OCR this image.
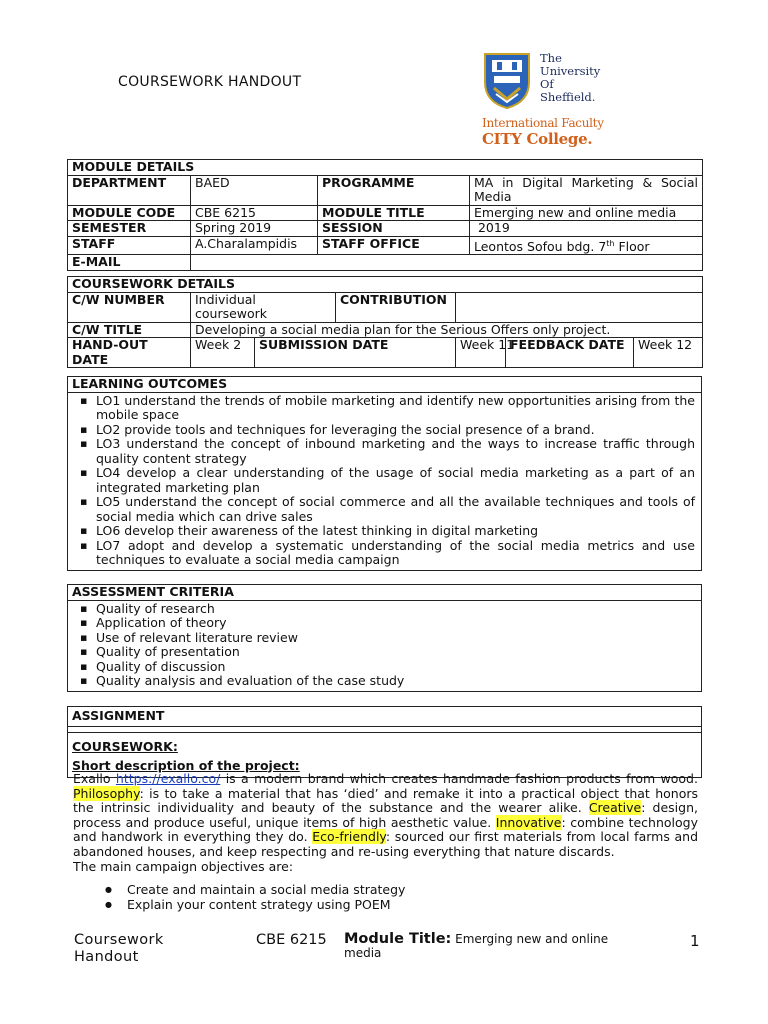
COURSEWORK HANDOUT
The
University
Of
Sheffield.
International Faculty
CITY College.
MODULE DETAILS			
DEPARTMENT	BAED	PROGRAMME	MA in Digital Marketing & Social Media
MODULE CODE	CBE 6215	MODULE TITLE	Emerging new and online media
SEMESTER	Spring 2019	SESSION	2019
STAFF	A.Charalampidis	STAFF OFFICE	Leontos Sofou bdg. 7th Floor
E-MAIL			
COURSEWORK DETAILS						
C/W NUMBER	Individual coursework		CONTRIBUTION			
C/W TITLE	Developing a social media plan for the Serious Offers only project.					
HAND-OUT DATE	Week 2	SUBMISSION DATE		Week 11	FEEDBACK DATE	Week 12
LEARNING OUTCOMES

▪ LO1 understand the trends of mobile marketing and identify new opportunities arising from the mobile space
▪ LO2 provide tools and techniques for leveraging the social presence of a brand.
▪ LO3 understand the concept of inbound marketing and the ways to increase traffic through quality content strategy
▪ LO4 develop a clear understanding of the usage of social media marketing as a part of an integrated marketing plan
▪ LO5 understand the concept of social commerce and all the available techniques and tools of social media which can drive sales
▪ LO6 develop their awareness of the latest thinking in digital marketing
▪ LO7 adopt and develop a systematic understanding of the social media metrics and use techniques to evaluate a social media campaign
ASSESSMENT CRITERIA

▪ Quality of research
▪ Application of theory
▪ Use of relevant literature review
▪ Quality of presentation
▪ Quality of discussion
▪ Quality analysis and evaluation of the case study
ASSIGNMENT

COURSEWORK:
Short description of the project:

Exallo https://exallo.co/ is a modern brand which creates handmade fashion products from wood. Philosophy: is to take a material that has ‘died’ and remake it into a practical object that honors the intrinsic individuality and beauty of the substance and the wearer alike. Creative: design, process and produce useful, unique items of high aesthetic value. Innovative: combine technology and handwork in everything they do. Eco-friendly: sourced our first materials from local farms and abandoned houses, and keep respecting and re-using everything that nature discards.

The main campaign objectives are:

● Create and maintain a social media strategy
● Explain your content strategy using POEM
Coursework Handout
CBE 6215 Module Title: Emerging new and online media
1
